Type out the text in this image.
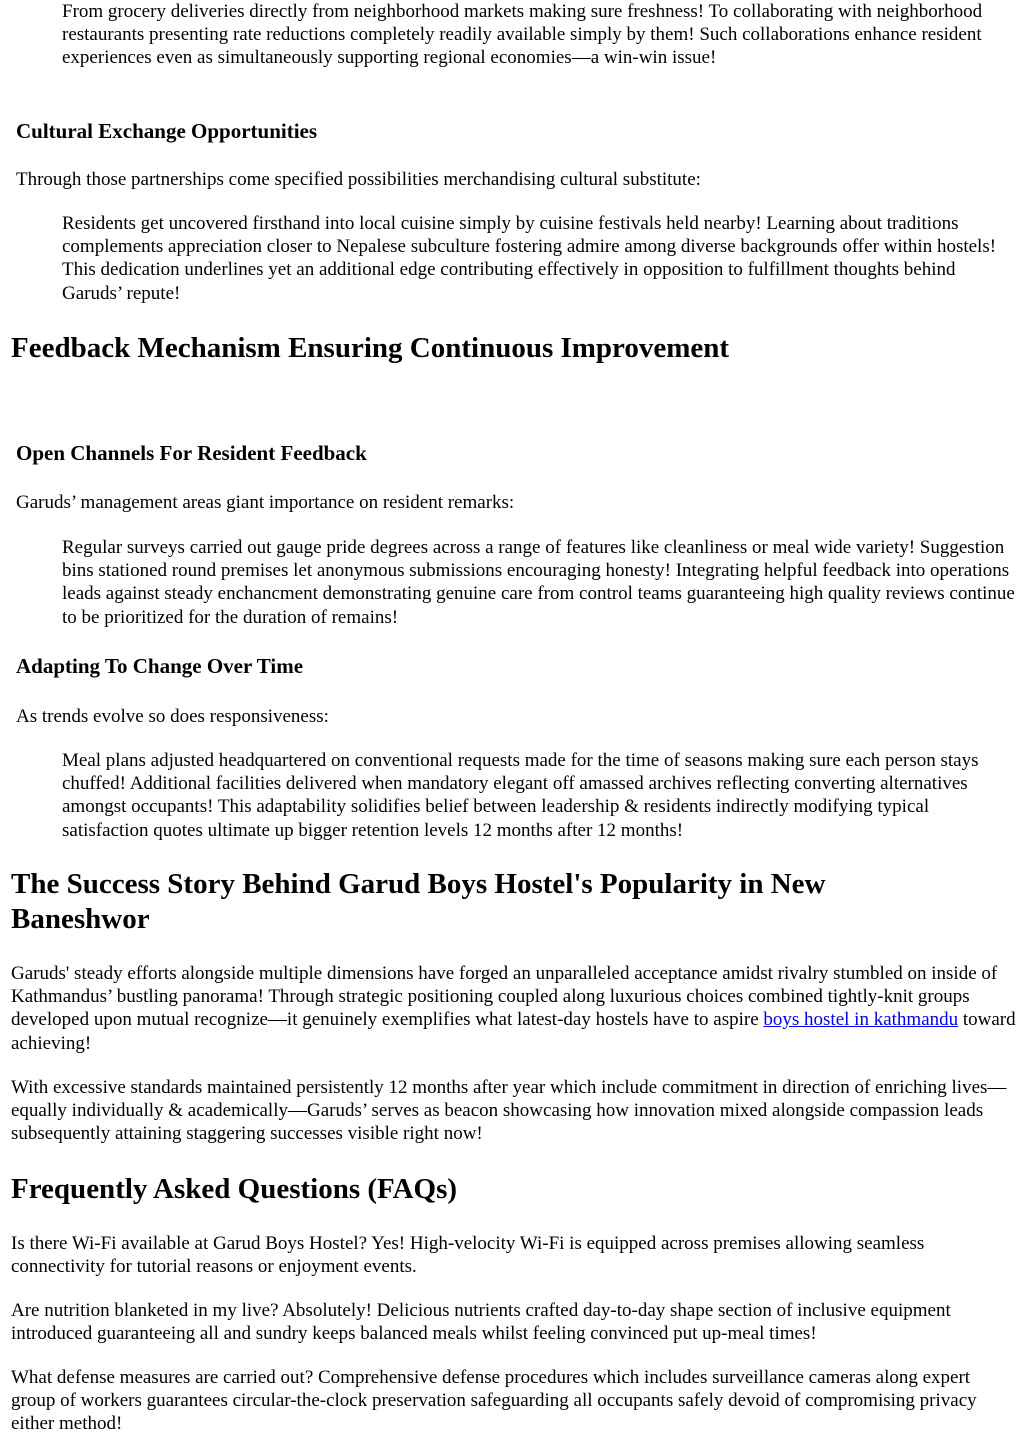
From grocery deliveries directly from neighborhood markets making sure freshness! To collaborating with neighborhood restaurants presenting rate reductions completely readily available simply by them! Such collaborations enhance resident experiences even as simultaneously supporting regional economies—a win-win issue!

Cultural Exchange Opportunities

Through those partnerships come specified possibilities merchandising cultural substitute:

Residents get uncovered firsthand into local cuisine simply by cuisine festivals held nearby! Learning about traditions complements appreciation closer to Nepalese subculture fostering admire among diverse backgrounds offer within hostels! This dedication underlines yet an additional edge contributing effectively in opposition to fulfillment thoughts behind Garuds’ repute!

Feedback Mechanism Ensuring Continuous Improvement
Open Channels For Resident Feedback

Garuds’ management areas giant importance on resident remarks:

Regular surveys carried out gauge pride degrees across a range of features like cleanliness or meal wide variety! Suggestion bins stationed round premises let anonymous submissions encouraging honesty! Integrating helpful feedback into operations leads against steady enchancment demonstrating genuine care from control teams guaranteeing high quality reviews continue to be prioritized for the duration of remains!

Adapting To Change Over Time

As trends evolve so does responsiveness:

Meal plans adjusted headquartered on conventional requests made for the time of seasons making sure each person stays chuffed! Additional facilities delivered when mandatory elegant off amassed archives reflecting converting alternatives amongst occupants! This adaptability solidifies belief between leadership & residents indirectly modifying typical satisfaction quotes ultimate up bigger retention levels 12 months after 12 months!

The Success Story Behind Garud Boys Hostel's Popularity in New Baneshwor

Garuds' steady efforts alongside multiple dimensions have forged an unparalleled acceptance amidst rivalry stumbled on inside of Kathmandus’ bustling panorama! Through strategic positioning coupled along luxurious choices combined tightly-knit groups developed upon mutual recognize—it genuinely exemplifies what latest-day hostels have to aspire boys hostel in kathmandu toward achieving!

With excessive standards maintained persistently 12 months after year which include commitment in direction of enriching lives—equally individually & academically—Garuds’ serves as beacon showcasing how innovation mixed alongside compassion leads subsequently attaining staggering successes visible right now!

Frequently Asked Questions (FAQs)

Is there Wi-Fi available at Garud Boys Hostel? Yes! High-velocity Wi-Fi is equipped across premises allowing seamless connectivity for tutorial reasons or enjoyment events.

Are nutrition blanketed in my live? Absolutely! Delicious nutrients crafted day-to-day shape section of inclusive equipment introduced guaranteeing all and sundry keeps balanced meals whilst feeling convinced put up-meal times!

What defense measures are carried out? Comprehensive defense procedures which includes surveillance cameras along expert group of workers guarantees circular-the-clock preservation safeguarding all occupants safely devoid of compromising privacy either method!
